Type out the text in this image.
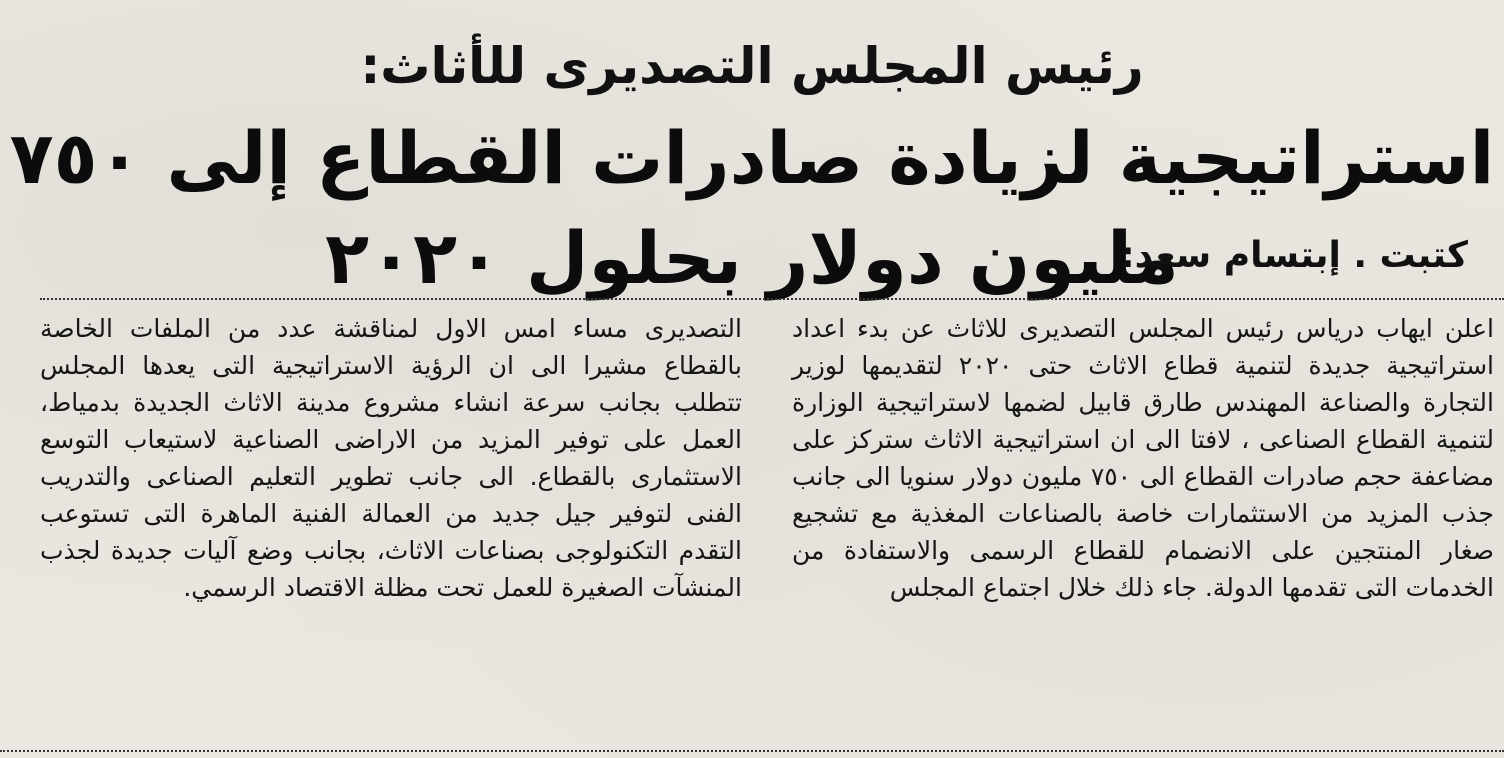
رئيس المجلس التصديرى للأثاث:
استراتيجية لزيادة صادرات القطاع إلى ٧٥٠ مليون دولار بحلول ٢٠٢٠
كتبت . إبتسام سعد:

اعلن ايهاب درياس رئيس المجلس التصديرى للاثاث عن بدء اعداد استراتيجية جديدة لتنمية قطاع الاثاث حتى ٢٠٢٠ لتقديمها لوزير التجارة والصناعة المهندس طارق قابيل لضمها لاستراتيجية الوزارة لتنمية القطاع الصناعى ، لافتا الى ان استراتيجية الاثاث ستركز على مضاعفة حجم صادرات القطاع الى ٧٥٠ مليون دولار سنويا الى جانب جذب المزيد من الاستثمارات خاصة بالصناعات المغذية مع تشجيع صغار المنتجين على الانضمام للقطاع الرسمى والاستفادة من الخدمات التى تقدمها الدولة. جاء ذلك خلال اجتماع المجلس

التصديرى مساء امس الاول لمناقشة عدد من الملفات الخاصة بالقطاع مشيرا الى ان الرؤية الاستراتيجية التى يعدها المجلس تتطلب بجانب سرعة انشاء مشروع مدينة الاثاث الجديدة بدمياط، العمل على توفير المزيد من الاراضى الصناعية لاستيعاب التوسع الاستثمارى بالقطاع. الى جانب تطوير التعليم الصناعى والتدريب الفنى لتوفير جيل جديد من العمالة الفنية الماهرة التى تستوعب التقدم التكنولوجى بصناعات الاثاث، بجانب وضع آليات جديدة لجذب المنشآت الصغيرة للعمل تحت مظلة الاقتصاد الرسمي.
